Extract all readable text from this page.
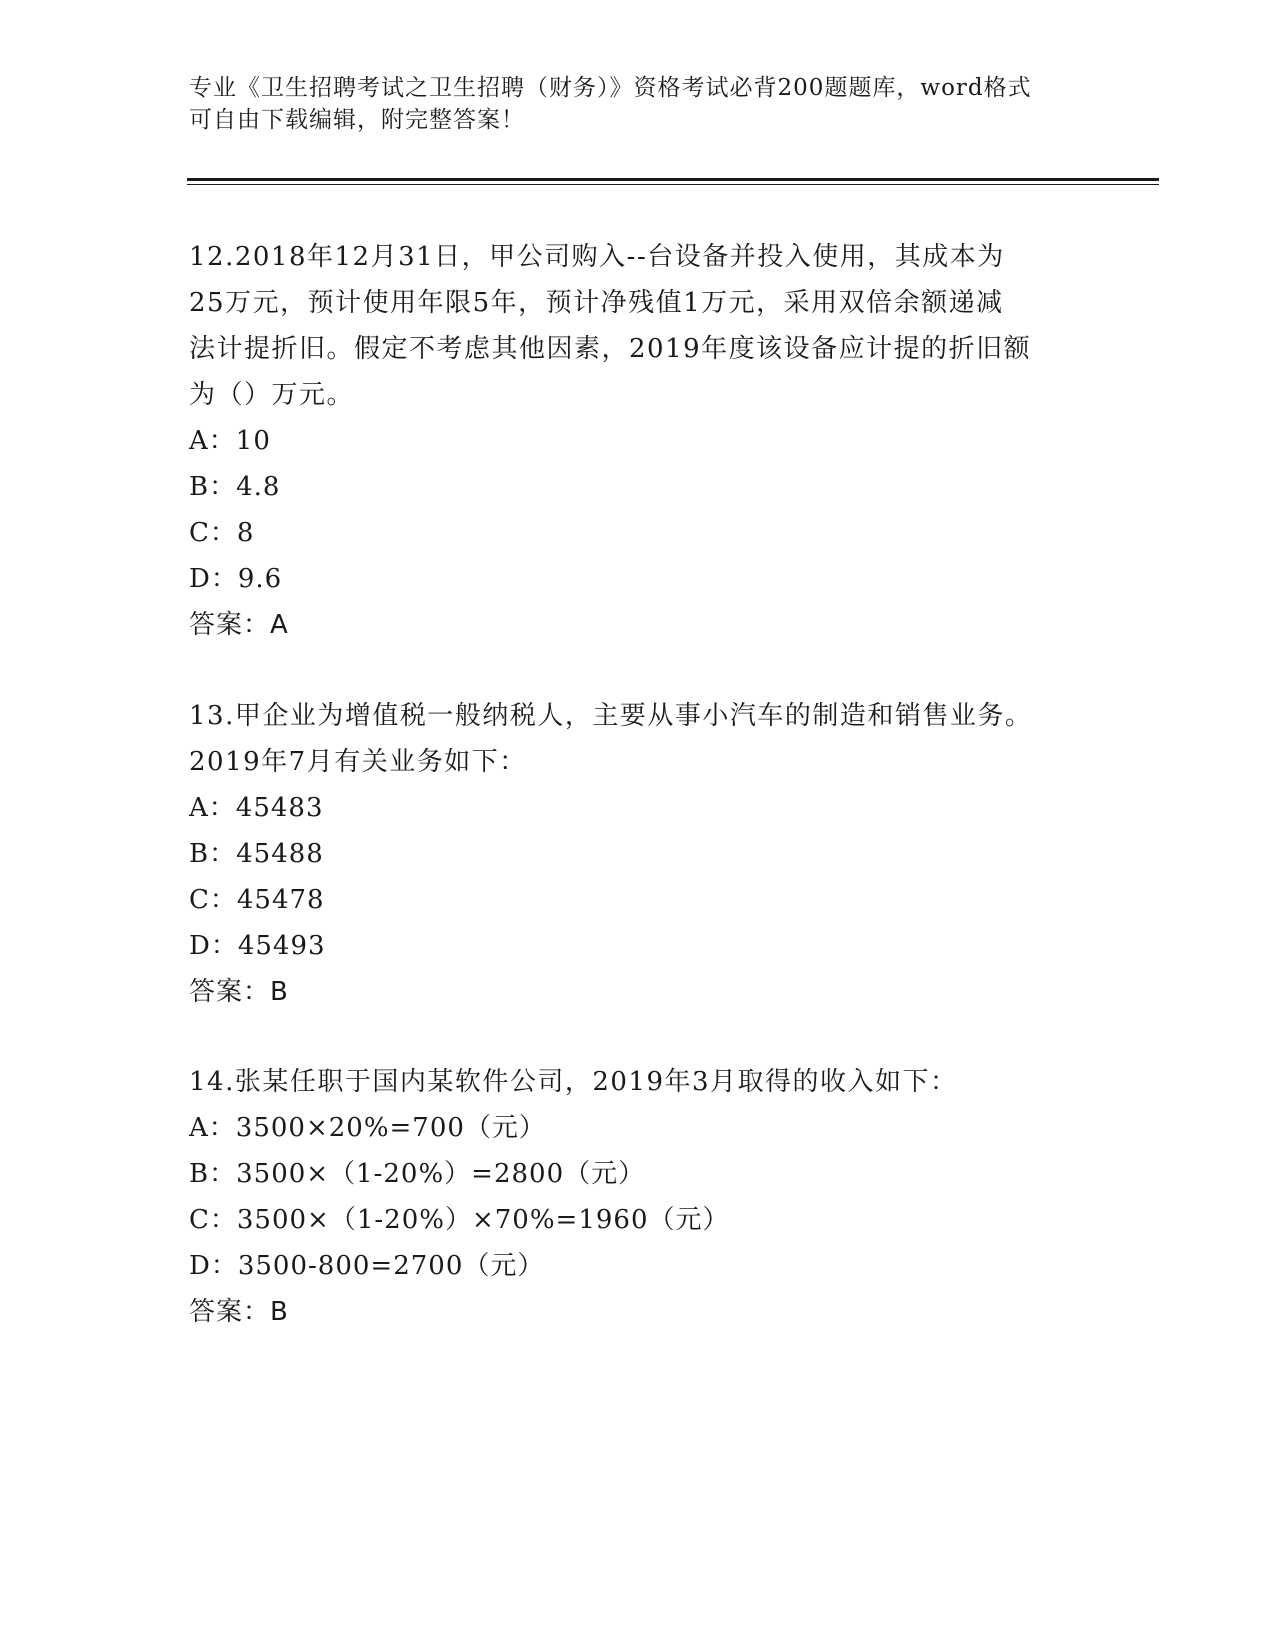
专业《卫生招聘考试之卫生招聘（财务）》资格考试必背200题题库，word格式
可自由下载编辑，附完整答案！
12.2018年12月31日，甲公司购入--台设备并投入使用，其成本为
25万元，预计使用年限5年，预计净残值1万元，采用双倍余额递减
法计提折旧。假定不考虑其他因素，2019年度该设备应计提的折旧额
为（）万元。
A：10
B：4.8
C：8
D：9.6
答案：A
13.甲企业为增值税一般纳税人，主要从事小汽车的制造和销售业务。
2019年7月有关业务如下：
A：45483
B：45488
C：45478
D：45493
答案：B
14.张某任职于国内某软件公司，2019年3月取得的收入如下：
A：3500×20%=700（元）
B：3500×（1-20%）=2800（元）
C：3500×（1-20%）×70%=1960（元）
D：3500-800=2700（元）
答案：B
